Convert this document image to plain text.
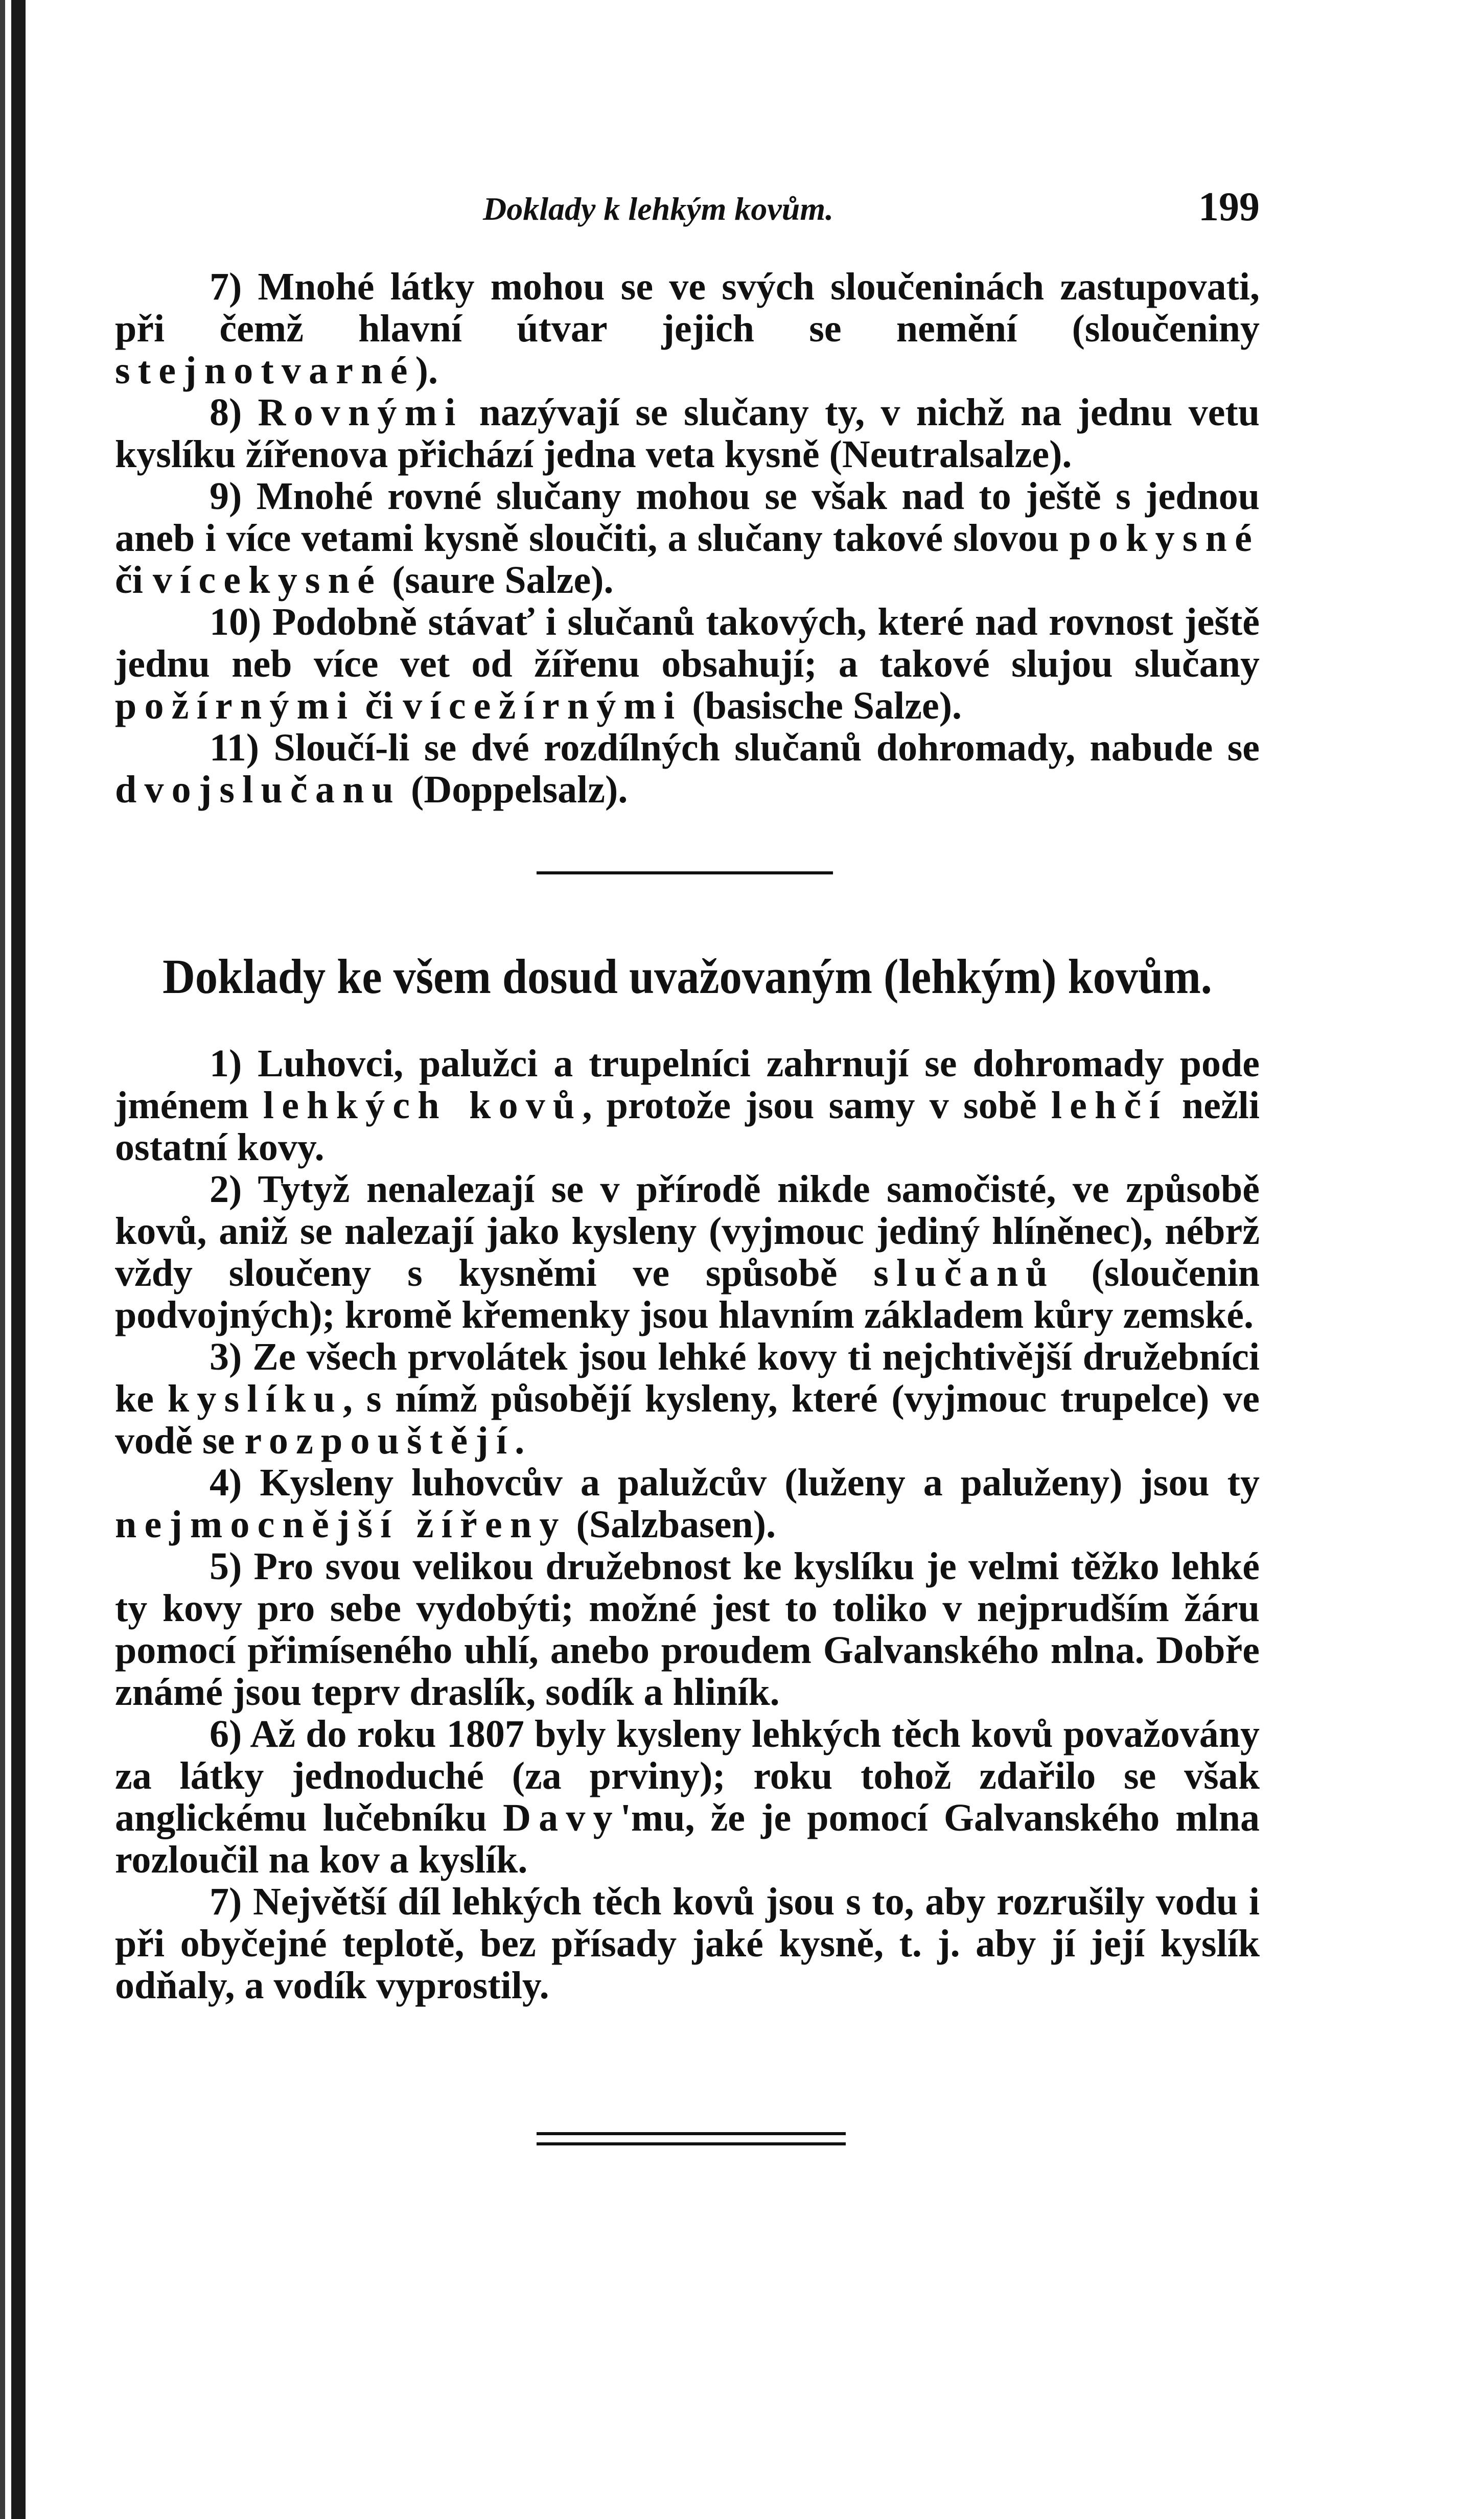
Doklady k lehkým kovům.	199

7) Mnohé látky mohou se ve svých sloučeninách zastupovati, při čemž hlavní útvar jejich se nemění (sloučeniny stejnotvarné).

8) Rovnými nazývají se slučany ty, v nichž na jednu vetu kyslíku žířenova přichází jedna veta kysně (Neutralsalze).

9) Mnohé rovné slučany mohou se však nad to ještě s jednou aneb i více vetami kysně sloučiti, a slučany takové slovou pokysné či vícekysné (saure Salze).

10) Podobně stávať i slučanů takových, které nad rovnost ještě jednu neb více vet od žířenu obsahují; a takové slujou slučany požírnými či vícežírnými (basische Salze).

11) Sloučí-li se dvé rozdílných slučanů dohromady, nabude se dvojslučanu (Doppelsalz).

Doklady ke všem dosud uvažovaným (lehkým) kovům.

1) Luhovci, palužci a trupelníci zahrnují se dohromady pode jménem lehkých kovů, protože jsou samy v sobě lehčí nežli ostatní kovy.

2) Tytyž nenalezají se v přírodě nikde samočisté, ve způsobě kovů, aniž se nalezají jako kysleny (vyjmouc jediný hlíněnec), nébrž vždy sloučeny s kysněmi ve spůsobě slučanů (sloučenin podvojných); kromě křemenky jsou hlavním základem kůry zemské.

3) Ze všech prvolátek jsou lehké kovy ti nejchtivější družebníci ke kyslíku, s nímž působějí kysleny, které (vyjmouc trupelce) ve vodě se rozpouštějí.

4) Kysleny luhovcův a palužcův (luženy a paluženy) jsou ty nejmocnější žířeny (Salzbasen).

5) Pro svou velikou družebnost ke kyslíku je velmi těžko lehké ty kovy pro sebe vydobýti; možné jest to toliko v nejprudším žáru pomocí přimíseného uhlí, anebo proudem Galvanského mlna. Dobře známé jsou teprv draslík, sodík a hliník.

6) Až do roku 1807 byly kysleny lehkých těch kovů považovány za látky jednoduché (za prviny); roku tohož zdařilo se však anglickému lučebníku Davy'mu, že je pomocí Galvanského mlna rozloučil na kov a kyslík.

7) Největší díl lehkých těch kovů jsou s to, aby rozrušily vodu i při obyčejné teplotě, bez přísady jaké kysně, t. j. aby jí její kyslík odňaly, a vodík vyprostily.
